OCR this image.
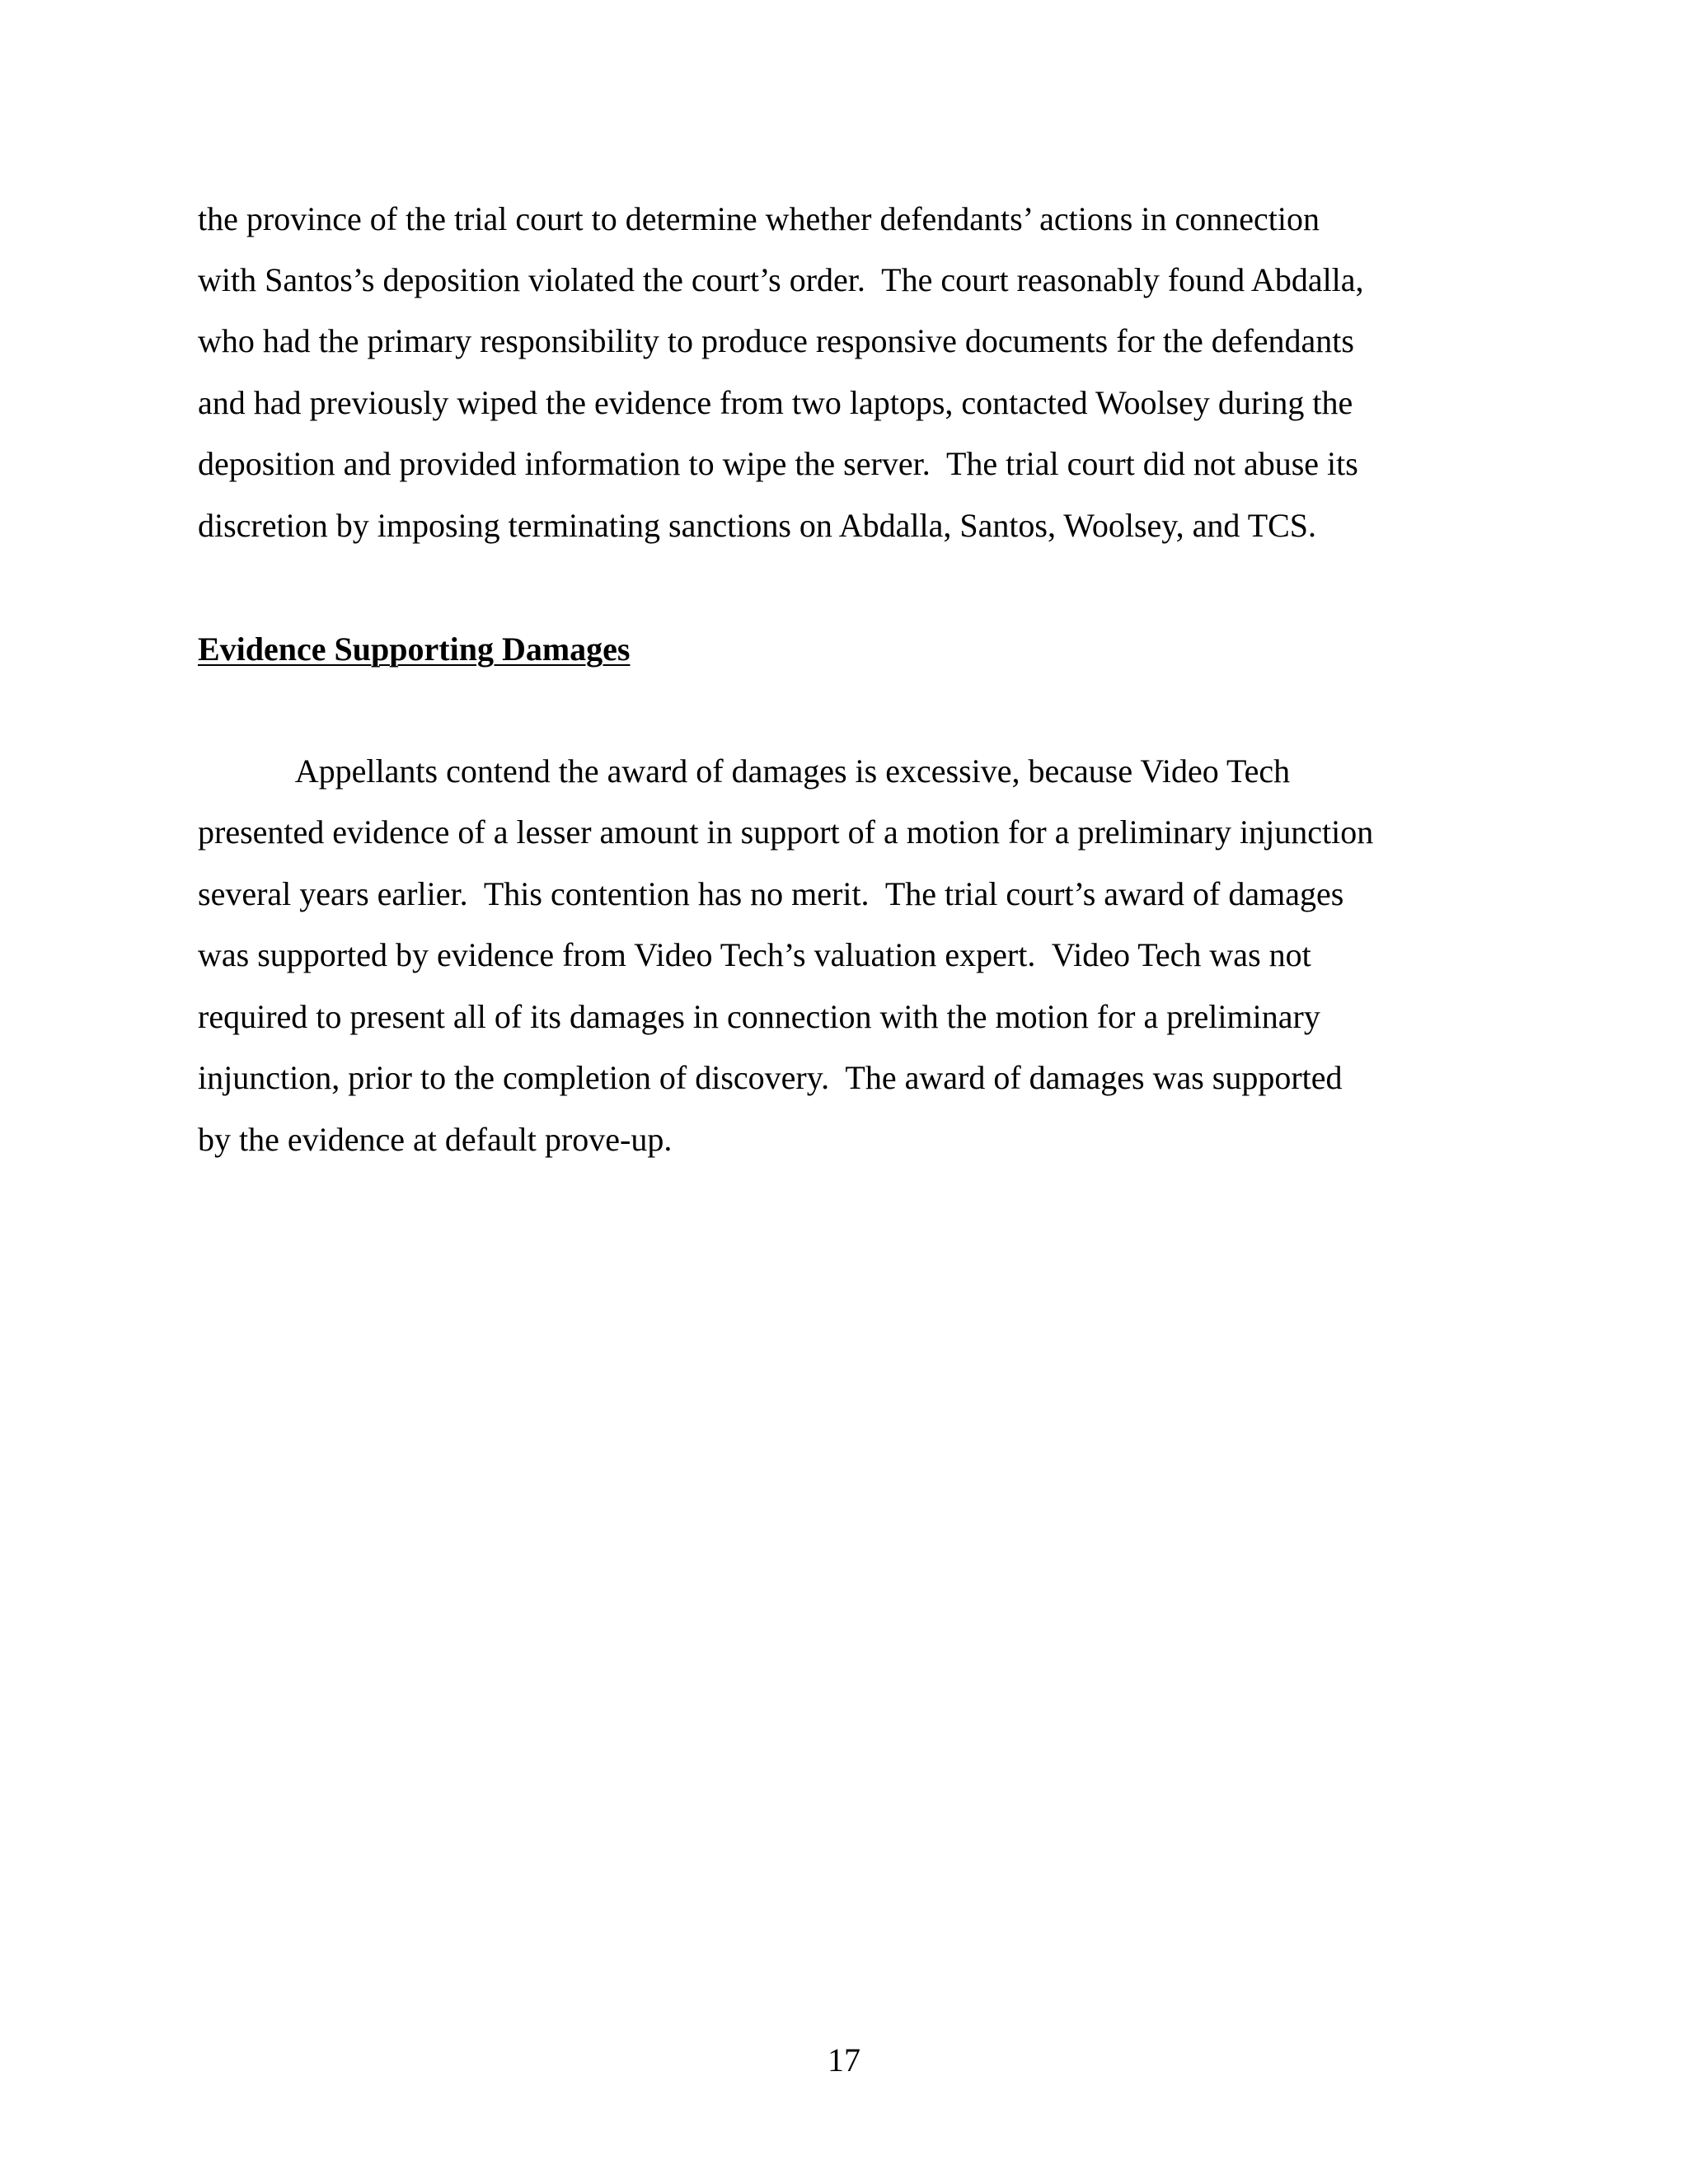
the province of the trial court to determine whether defendants’ actions in connection

with Santos’s deposition violated the court’s order.  The court reasonably found Abdalla,

who had the primary responsibility to produce responsive documents for the defendants

and had previously wiped the evidence from two laptops, contacted Woolsey during the

deposition and provided information to wipe the server.  The trial court did not abuse its

discretion by imposing terminating sanctions on Abdalla, Santos, Woolsey, and TCS.

Evidence Supporting Damages

Appellants contend the award of damages is excessive, because Video Tech

presented evidence of a lesser amount in support of a motion for a preliminary injunction

several years earlier.  This contention has no merit.  The trial court’s award of damages

was supported by evidence from Video Tech’s valuation expert.  Video Tech was not

required to present all of its damages in connection with the motion for a preliminary

injunction, prior to the completion of discovery.  The award of damages was supported

by the evidence at default prove-up.

17
